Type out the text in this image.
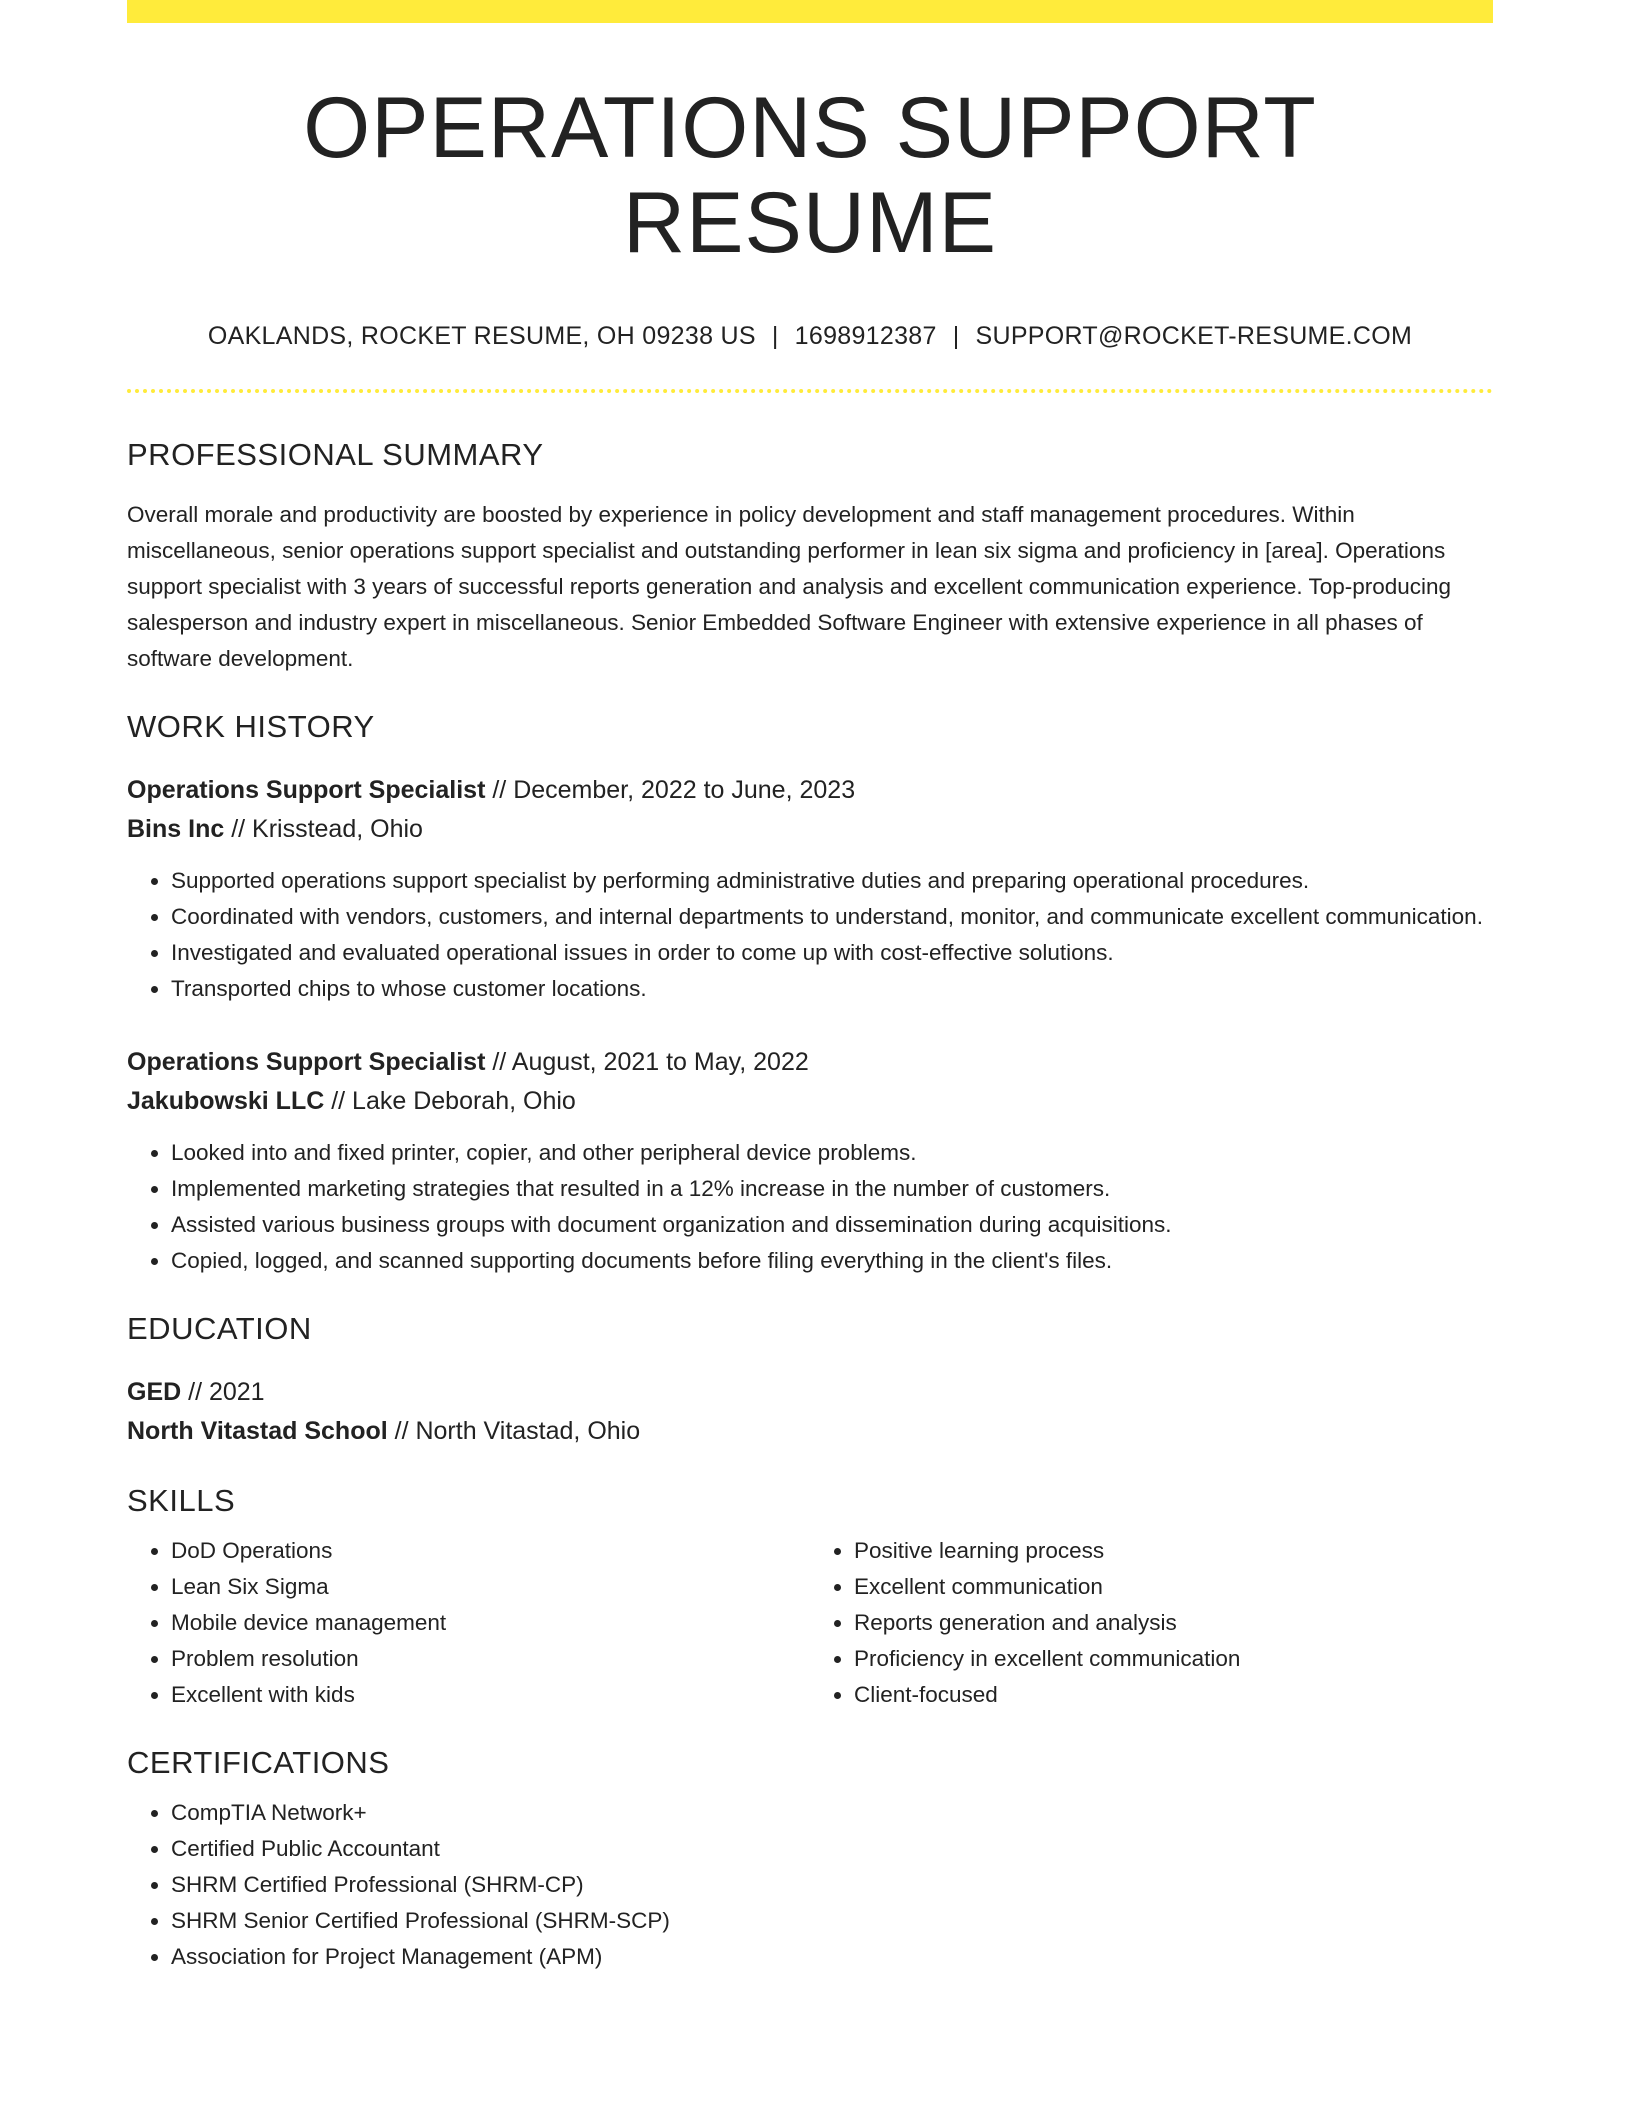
OPERATIONS SUPPORT RESUME
OAKLANDS, ROCKET RESUME, OH 09238 US | 1698912387 | SUPPORT@ROCKET-RESUME.COM
PROFESSIONAL SUMMARY
Overall morale and productivity are boosted by experience in policy development and staff management procedures. Within miscellaneous, senior operations support specialist and outstanding performer in lean six sigma and proficiency in [area]. Operations support specialist with 3 years of successful reports generation and analysis and excellent communication experience. Top-producing salesperson and industry expert in miscellaneous. Senior Embedded Software Engineer with extensive experience in all phases of software development.
WORK HISTORY
Operations Support Specialist // December, 2022 to June, 2023
Bins Inc // Krisstead, Ohio
• Supported operations support specialist by performing administrative duties and preparing operational procedures.
• Coordinated with vendors, customers, and internal departments to understand, monitor, and communicate excellent communication.
• Investigated and evaluated operational issues in order to come up with cost-effective solutions.
• Transported chips to whose customer locations.
Operations Support Specialist // August, 2021 to May, 2022
Jakubowski LLC // Lake Deborah, Ohio
• Looked into and fixed printer, copier, and other peripheral device problems.
• Implemented marketing strategies that resulted in a 12% increase in the number of customers.
• Assisted various business groups with document organization and dissemination during acquisitions.
• Copied, logged, and scanned supporting documents before filing everything in the client's files.
EDUCATION
GED // 2021
North Vitastad School // North Vitastad, Ohio
SKILLS
• DoD Operations
• Lean Six Sigma
• Mobile device management
• Problem resolution
• Excellent with kids
• Positive learning process
• Excellent communication
• Reports generation and analysis
• Proficiency in excellent communication
• Client-focused
CERTIFICATIONS
• CompTIA Network+
• Certified Public Accountant
• SHRM Certified Professional (SHRM-CP)
• SHRM Senior Certified Professional (SHRM-SCP)
• Association for Project Management (APM)
